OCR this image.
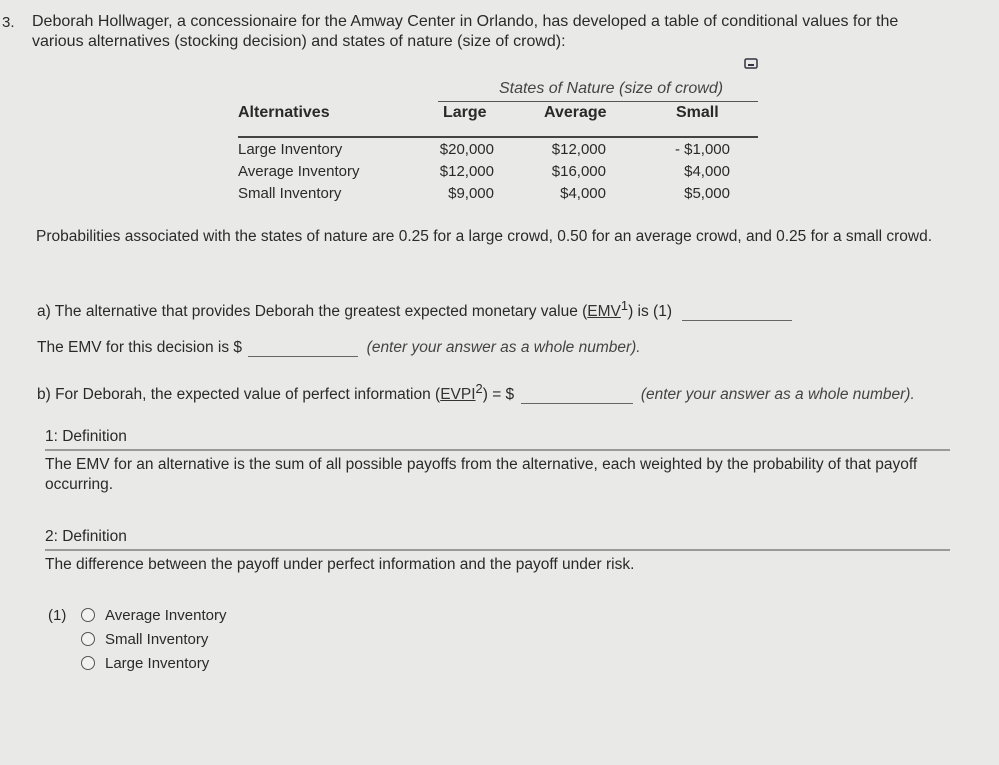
3. Deborah Hollwager, a concessionaire for the Amway Center in Orlando, has developed a table of conditional values for the various alternatives (stocking decision) and states of nature (size of crowd):
States of Nature (size of crowd)
Alternatives	Large	Average	Small
Large Inventory	$20,000	$12,000	- $1,000
Average Inventory	$12,000	$16,000	$4,000
Small Inventory	$9,000	$4,000	$5,000
Probabilities associated with the states of nature are 0.25 for a large crowd, 0.50 for an average crowd, and 0.25 for a small crowd.
a) The alternative that provides Deborah the greatest expected monetary value (EMV$^1$) is (1)
The EMV for this decision is $	(enter your answer as a whole number).
b) For Deborah, the expected value of perfect information $(EVPI^2)$ = $	(enter your answer as a whole number).
1: Definition
The EMV for an alternative is the sum of all possible payoffs from the alternative, each weighted by the probability of that payoff occurring.
2: Definition
The difference between the payoff under perfect information and the payoff under risk.
(1)	Average Inventory
Small Inventory
Large Inventory
